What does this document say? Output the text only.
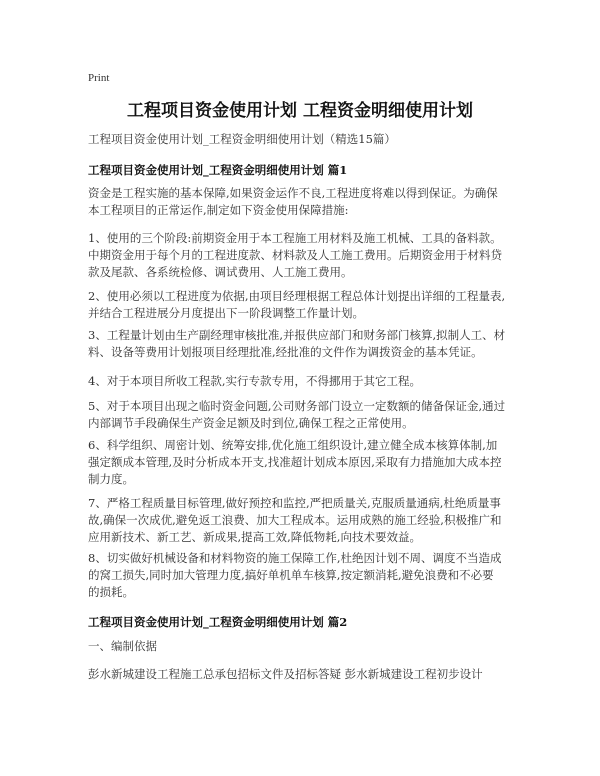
Print
工程项目资金使用计划 工程资金明细使用计划
工程项目资金使用计划_工程资金明细使用计划（精选15篇）
工程项目资金使用计划_工程资金明细使用计划 篇1

资金是工程实施的基本保障,如果资金运作不良,工程进度将难以得到保证。为确保
本工程项目的正常运作,制定如下资金使用保障措施:

1、使用的三个阶段:前期资金用于本工程施工用材料及施工机械、工具的备料款。
中期资金用于每个月的工程进度款、材料款及人工施工费用。后期资金用于材料贷
款及尾款、各系统检修、调试费用、人工施工费用。

2、使用必须以工程进度为依据,由项目经理根据工程总体计划提出详细的工程量表,
并结合工程进展分月度提出下一阶段调整工作量计划。

3、工程量计划由生产副经理审核批准,并报供应部门和财务部门核算,拟制人工、材
料、设备等费用计划报项目经理批准,经批准的文件作为调拨资金的基本凭证。

4、对于本项目所收工程款,实行专款专用，不得挪用于其它工程。

5、对于本项目出现之临时资金问题,公司财务部门设立一定数额的储备保证金,通过
内部调节手段确保生产资金足额及时到位,确保工程之正常使用。

6、科学组织、周密计划、统筹安排,优化施工组织设计,建立健全成本核算体制,加
强定额成本管理,及时分析成本开支,找准超计划成本原因,采取有力措施加大成本控
制力度。

7、严格工程质量目标管理,做好预控和监控,严把质量关,克服质量通病,杜绝质量事
故,确保一次成优,避免返工浪费、加大工程成本。运用成熟的施工经验,积极推广和
应用新技术、新工艺、新成果,提高工效,降低物耗,向技术要效益。

8、切实做好机械设备和材料物资的施工保障工作,杜绝因计划不周、调度不当造成
的窝工损失,同时加大管理力度,搞好单机单车核算,按定额消耗,避免浪费和不必要
的损耗。

工程项目资金使用计划_工程资金明细使用计划 篇2

一、编制依据

彭水新城建设工程施工总承包招标文件及招标答疑 彭水新城建设工程初步设计
